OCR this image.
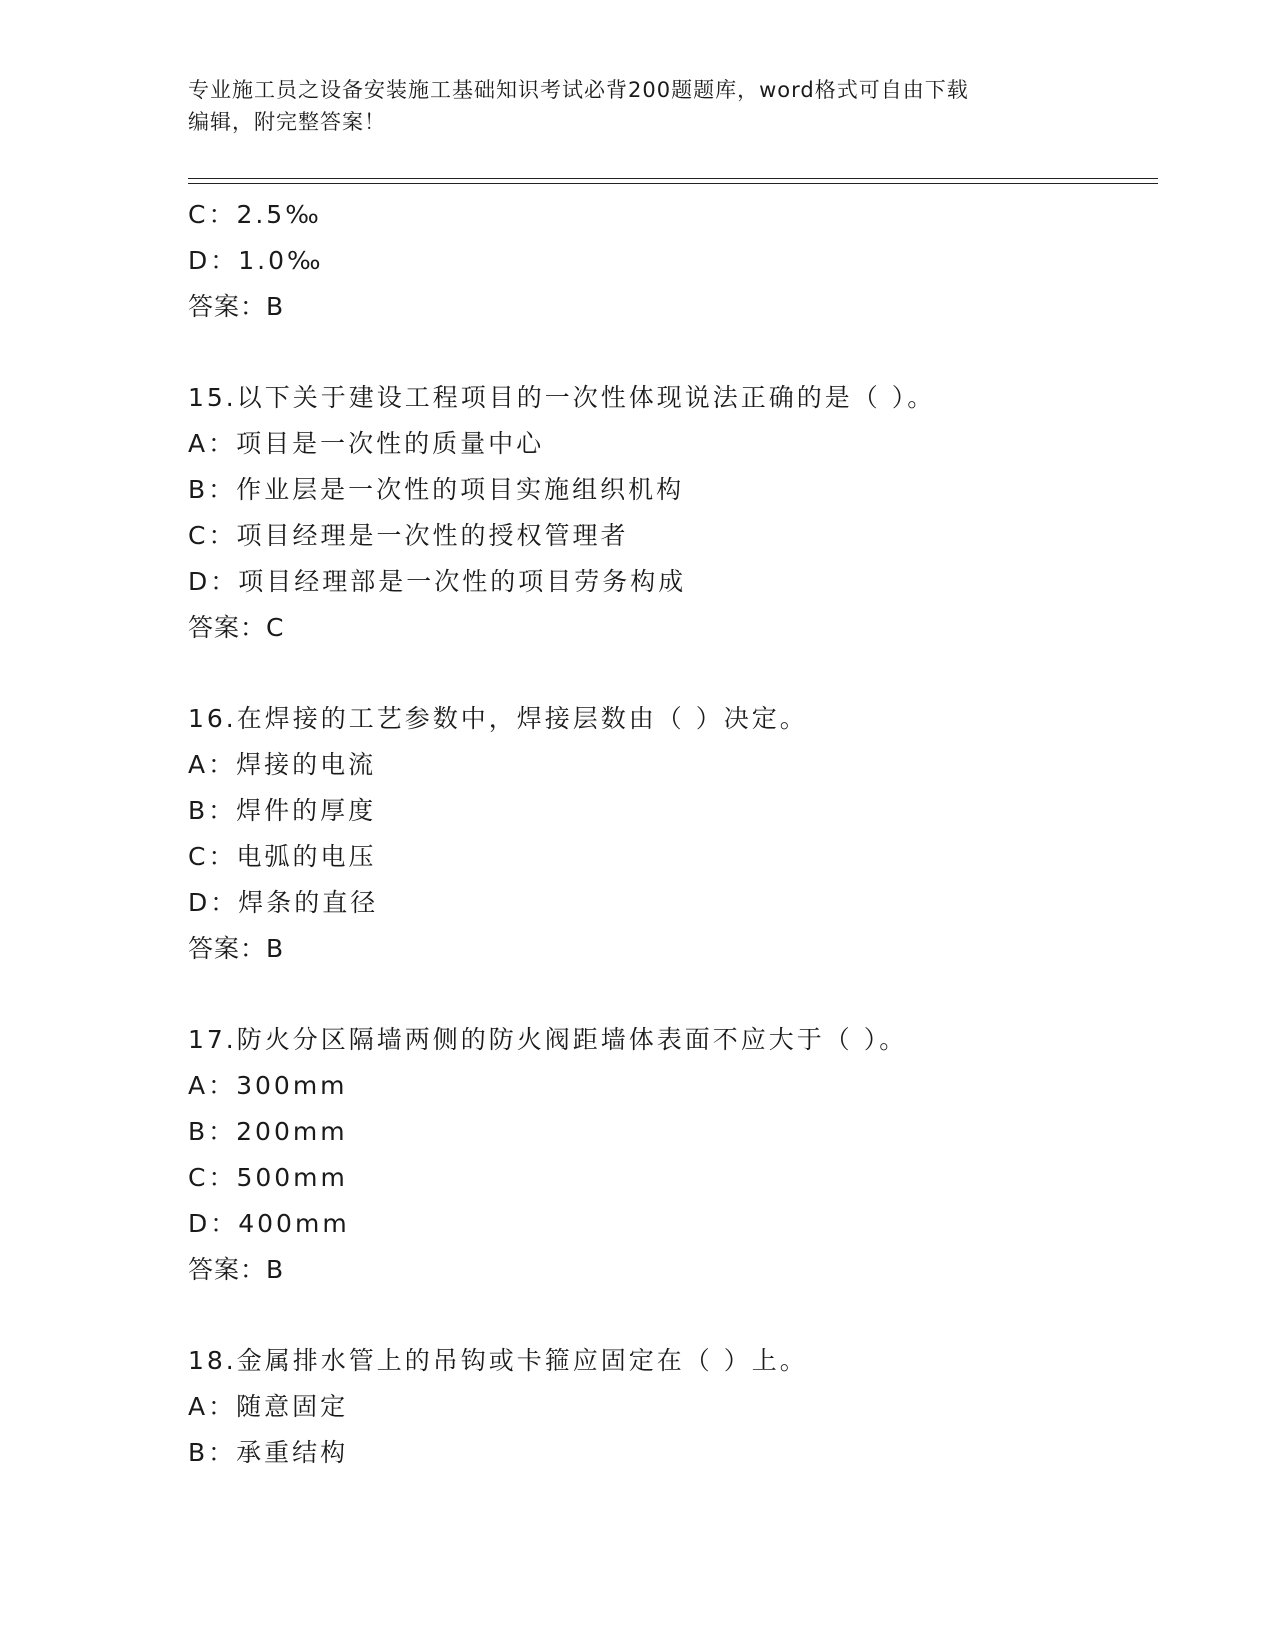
专业施工员之设备安装施工基础知识考试必背200题题库，word格式可自由下载
编辑，附完整答案！
C：2.5‰
D：1.0‰
答案：B
15.以下关于建设工程项目的一次性体现说法正确的是（ ）。
A：项目是一次性的质量中心
B：作业层是一次性的项目实施组织机构
C：项目经理是一次性的授权管理者
D：项目经理部是一次性的项目劳务构成
答案：C
16.在焊接的工艺参数中，焊接层数由（ ）决定。
A：焊接的电流
B：焊件的厚度
C：电弧的电压
D：焊条的直径
答案：B
17.防火分区隔墙两侧的防火阀距墙体表面不应大于（ ）。
A：300mm
B：200mm
C：500mm
D：400mm
答案：B
18.金属排水管上的吊钩或卡箍应固定在（ ）上。
A：随意固定
B：承重结构
